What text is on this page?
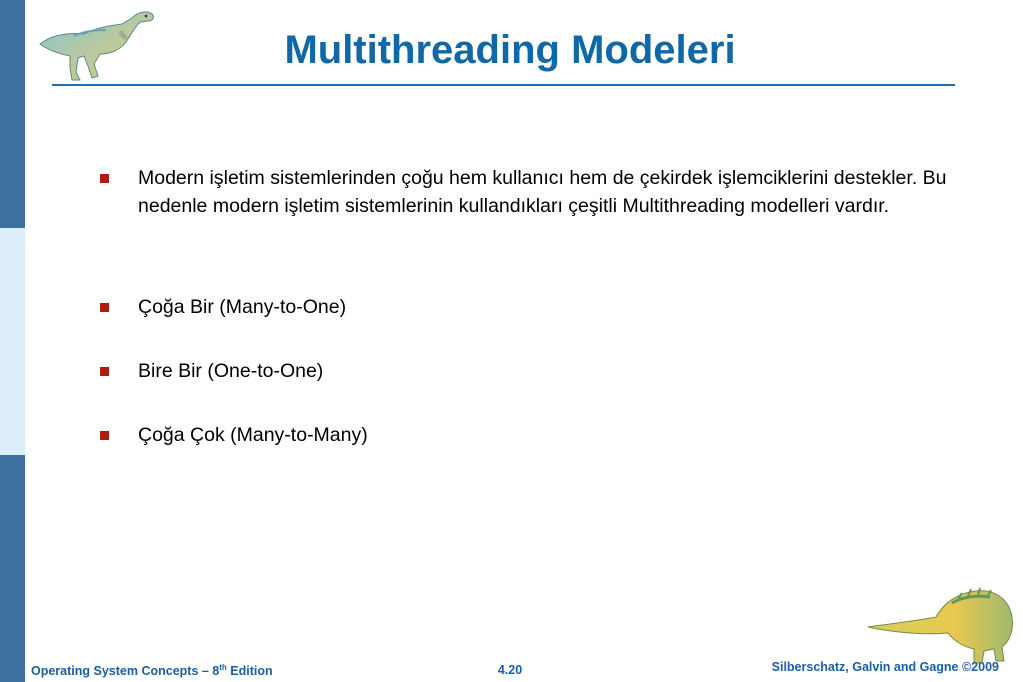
Multithreading Modeleri
Modern işletim sistemlerinden çoğu hem kullanıcı hem de çekirdek işlemciklerini destekler. Bu nedenle modern işletim sistemlerinin kullandıkları çeşitli Multithreading modelleri vardır.
Çoğa Bir (Many-to-One)
Bire Bir (One-to-One)
Çoğa Çok (Many-to-Many)
Operating System Concepts – 8th Edition	4.20	Silberschatz, Galvin and Gagne ©2009
